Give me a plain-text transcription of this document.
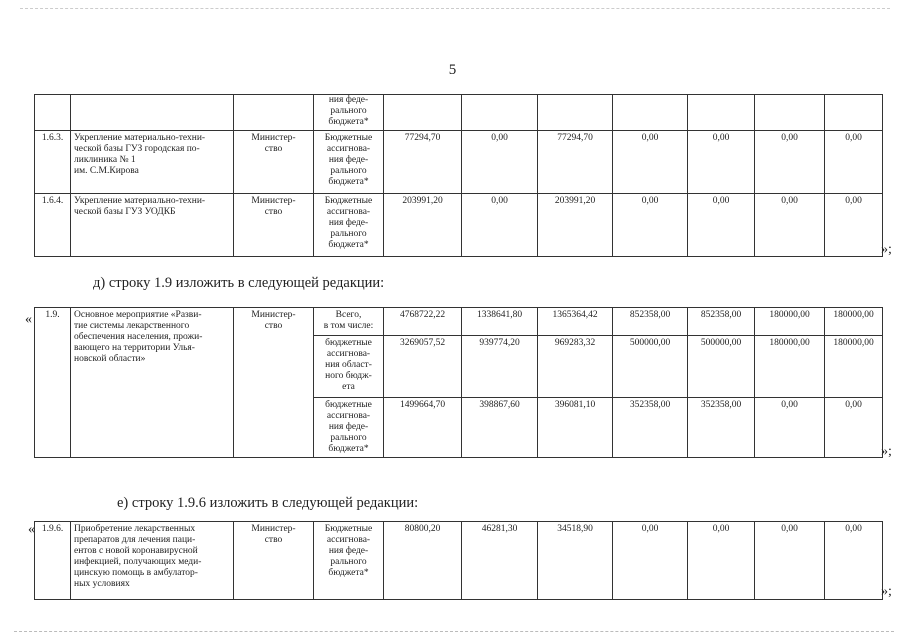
5
			ния феде-
рального
бюджета*							
1.6.3.	Укрепление материально-техни-
ческой базы ГУЗ городская по-
ликлиника № 1
им. С.М.Кирова	Министер-
ство	Бюджетные
ассигнова-
ния феде-
рального
бюджета*	77294,70	0,00	77294,70	0,00	0,00	0,00	0,00
1.6.4.	Укрепление материально-техни-
ческой базы ГУЗ УОДКБ	Министер-
ство	Бюджетные
ассигнова-
ния феде-
рального
бюджета*	203991,20	0,00	203991,20	0,00	0,00	0,00	0,00
»;
д) строку 1.9 изложить в следующей редакции:
« 1.9.	Основное мероприятие «Разви-
тие системы лекарственного
обеспечения населения, прожи-
вающего на территории Улья-
новской области»	Министер-
ство	Всего,
в том числе:	4768722,22	1338641,80	1365364,42	852358,00	852358,00	180000,00	180000,00
			бюджетные
ассигнова-
ния област-
ного бюдж-
ета	3269057,52	939774,20	969283,32	500000,00	500000,00	180000,00	180000,00
			бюджетные
ассигнова-
ния феде-
рального
бюджета*	1499664,70	398867,60	396081,10	352358,00	352358,00	0,00	0,00
»;
е) строку 1.9.6 изложить в следующей редакции:
« 1.9.6.	Приобретение лекарственных
препаратов для лечения паци-
ентов с новой коронавирусной
инфекцией, получающих меди-
цинскую помощь в амбулатор-
ных условиях	Министер-
ство	Бюджетные
ассигнова-
ния феде-
рального
бюджета*	80800,20	46281,30	34518,90	0,00	0,00	0,00	0,00
»;
